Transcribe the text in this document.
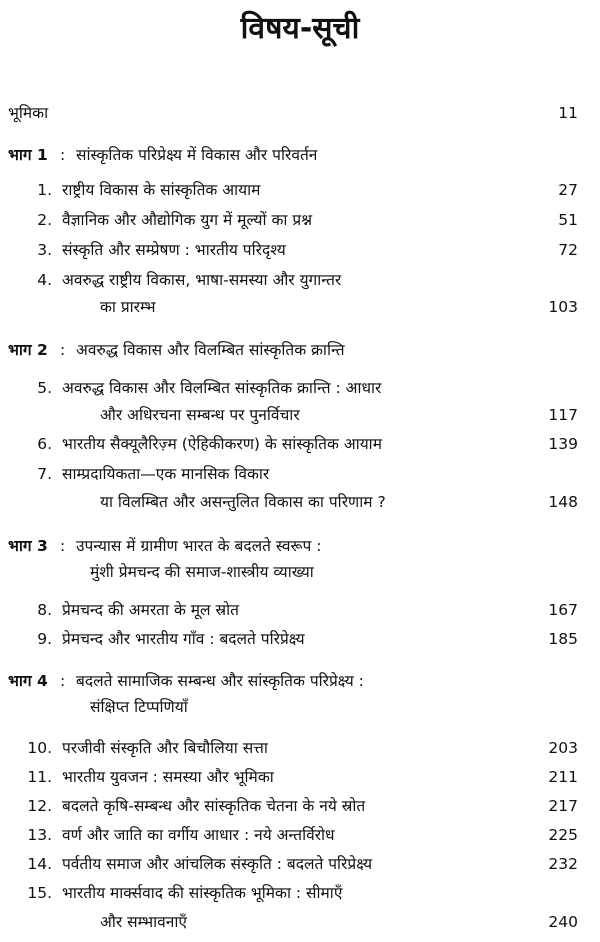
विषय-सूची
भूमिका	11
भाग 1 : सांस्कृतिक परिप्रेक्ष्य में विकास और परिवर्तन
1. राष्ट्रीय विकास के सांस्कृतिक आयाम	27
2. वैज्ञानिक और औद्योगिक युग में मूल्यों का प्रश्न	51
3. संस्कृति और सम्प्रेषण : भारतीय परिदृश्य	72
4. अवरुद्ध राष्ट्रीय विकास, भाषा-समस्या और युगान्तर
का प्रारम्भ	103
भाग 2 : अवरुद्ध विकास और विलम्बित सांस्कृतिक क्रान्ति
5. अवरुद्ध विकास और विलम्बित सांस्कृतिक क्रान्ति : आधार
और अधिरचना सम्बन्ध पर पुनर्विचार	117
6. भारतीय सैक्यूलैरिज़्म (ऐहिकीकरण) के सांस्कृतिक आयाम	139
7. साम्प्रदायिकता—एक मानसिक विकार
या विलम्बित और असन्तुलित विकास का परिणाम ?	148
भाग 3 : उपन्यास में ग्रामीण भारत के बदलते स्वरूप :
मुंशी प्रेमचन्द की समाज-शास्त्रीय व्याख्या
8. प्रेमचन्द की अमरता के मूल स्रोत	167
9. प्रेमचन्द और भारतीय गाँव : बदलते परिप्रेक्ष्य	185
भाग 4 : बदलते सामाजिक सम्बन्ध और सांस्कृतिक परिप्रेक्ष्य :
संक्षिप्त टिप्पणियाँ
10. परजीवी संस्कृति और बिचौलिया सत्ता	203
11. भारतीय युवजन : समस्या और भूमिका	211
12. बदलते कृषि-सम्बन्ध और सांस्कृतिक चेतना के नये स्रोत	217
13. वर्ण और जाति का वर्गीय आधार : नये अन्तर्विरोध	225
14. पर्वतीय समाज और आंचलिक संस्कृति : बदलते परिप्रेक्ष्य	232
15. भारतीय मार्क्सवाद की सांस्कृतिक भूमिका : सीमाएँ
और सम्भावनाएँ	240
